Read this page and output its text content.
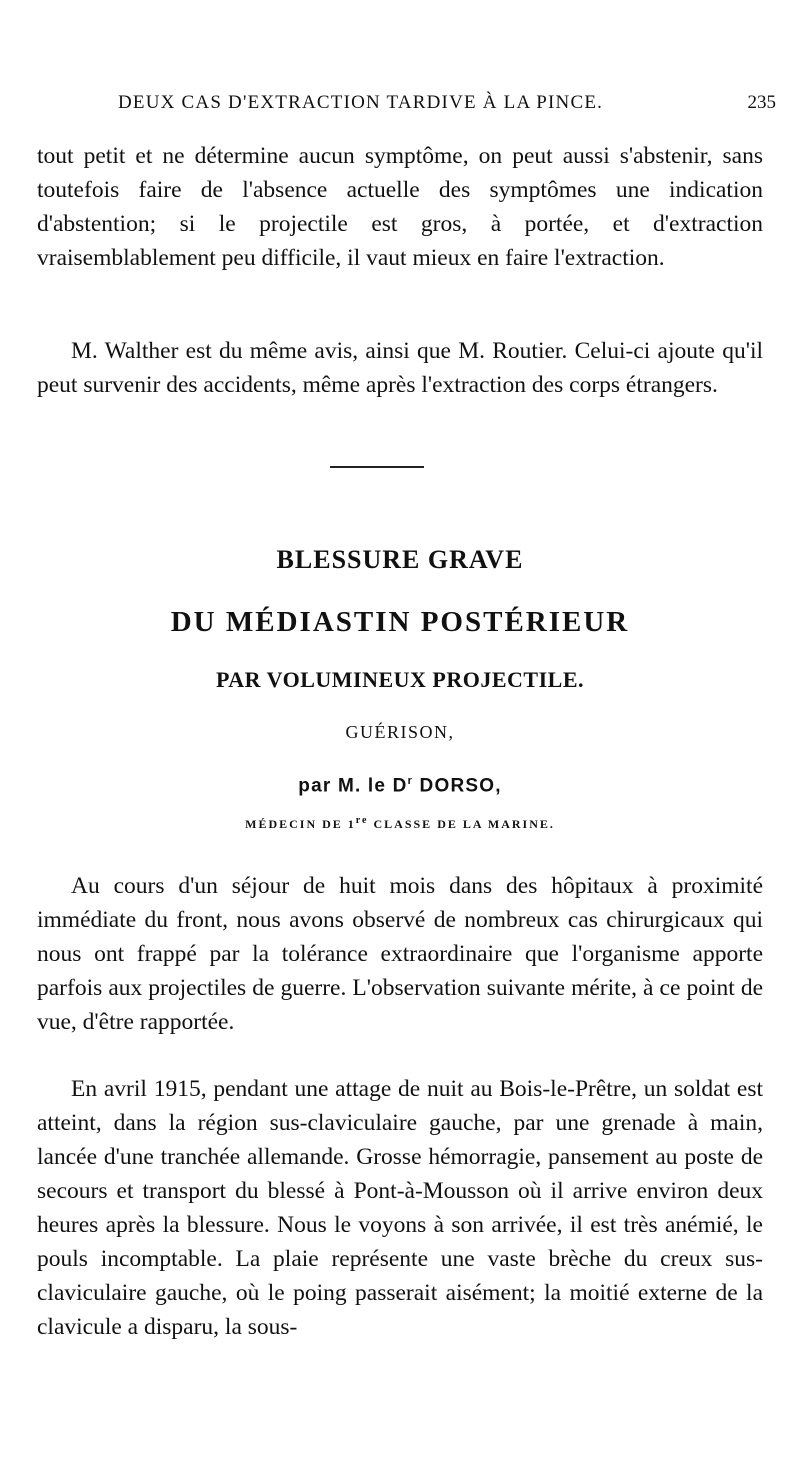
DEUX CAS D'EXTRACTION TARDIVE À LA PINCE.	235

tout petit et ne détermine aucun symptôme, on peut aussi s'abstenir, sans toutefois faire de l'absence actuelle des symptômes une indication d'abstention; si le projectile est gros, à portée, et d'extraction vraisemblablement peu difficile, il vaut mieux en faire l'extraction.

M. Walther est du même avis, ainsi que M. Routier. Celui-ci ajoute qu'il peut survenir des accidents, même après l'extraction des corps étrangers.

BLESSURE GRAVE
DU MÉDIASTIN POSTÉRIEUR
PAR VOLUMINEUX PROJECTILE.
GUÉRISON,
par M. le $D^r$ DORSO,
MÉDECIN DE 1re CLASSE DE LA MARINE.

Au cours d'un séjour de huit mois dans des hôpitaux à proximité immédiate du front, nous avons observé de nombreux cas chirurgicaux qui nous ont frappé par la tolérance extraordinaire que l'organisme apporte parfois aux projectiles de guerre. L'observation suivante mérite, à ce point de vue, d'être rapportée.

En avril 1915, pendant une attage de nuit au Bois-le-Prêtre, un soldat est atteint, dans la région sus-claviculaire gauche, par une grenade à main, lancée d'une tranchée allemande. Grosse hémorragie, pansement au poste de secours et transport du blessé à Pont-à-Mousson où il arrive environ deux heures après la blessure. Nous le voyons à son arrivée, il est très anémié, le pouls incomptable. La plaie représente une vaste brèche du creux sus-claviculaire gauche, où le poing passerait aisément; la moitié externe de la clavicule a disparu, la sous-
